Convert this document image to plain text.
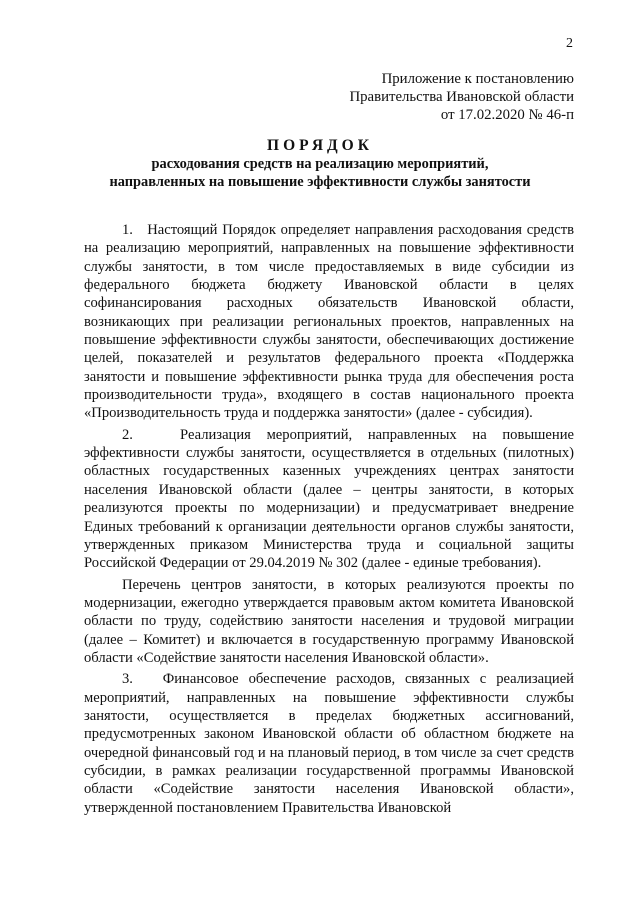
2
Приложение к постановлению
Правительства Ивановской области
от 17.02.2020 № 46-п
ПОРЯДОК
расходования средств на реализацию мероприятий,
направленных на повышение эффективности службы занятости

1.   Настоящий Порядок определяет направления расходования средств на реализацию мероприятий, направленных на повышение эффективности службы занятости, в том числе предоставляемых в виде субсидии из федерального бюджета бюджету Ивановской области в целях софинансирования расходных обязательств Ивановской области, возникающих при реализации региональных проектов, направленных на повышение эффективности службы занятости, обеспечивающих достижение целей, показателей и результатов федерального проекта «Поддержка занятости и повышение эффективности рынка труда для обеспечения роста производительности труда», входящего в состав национального проекта «Производительность труда и поддержка занятости» (далее - субсидия).

2.   Реализация мероприятий, направленных на повышение эффективности службы занятости, осуществляется в отдельных (пилотных) областных государственных казенных учреждениях центрах занятости населения Ивановской области (далее – центры занятости, в которых реализуются проекты по модернизации) и предусматривает внедрение Единых требований к организации деятельности органов службы занятости, утвержденных приказом Министерства труда и социальной защиты Российской Федерации от 29.04.2019 № 302 (далее - единые требования).

Перечень центров занятости, в которых реализуются проекты по модернизации, ежегодно утверждается правовым актом комитета Ивановской области по труду, содействию занятости населения и трудовой миграции (далее – Комитет) и включается в государственную программу Ивановской области «Содействие занятости населения Ивановской области».

3.   Финансовое обеспечение расходов, связанных с реализацией мероприятий, направленных на повышение эффективности службы занятости, осуществляется в пределах бюджетных ассигнований, предусмотренных законом Ивановской области об областном бюджете на очередной финансовый год и на плановый период, в том числе за счет средств субсидии, в рамках реализации государственной программы Ивановской области «Содействие занятости населения Ивановской области», утвержденной постановлением Правительства Ивановской
